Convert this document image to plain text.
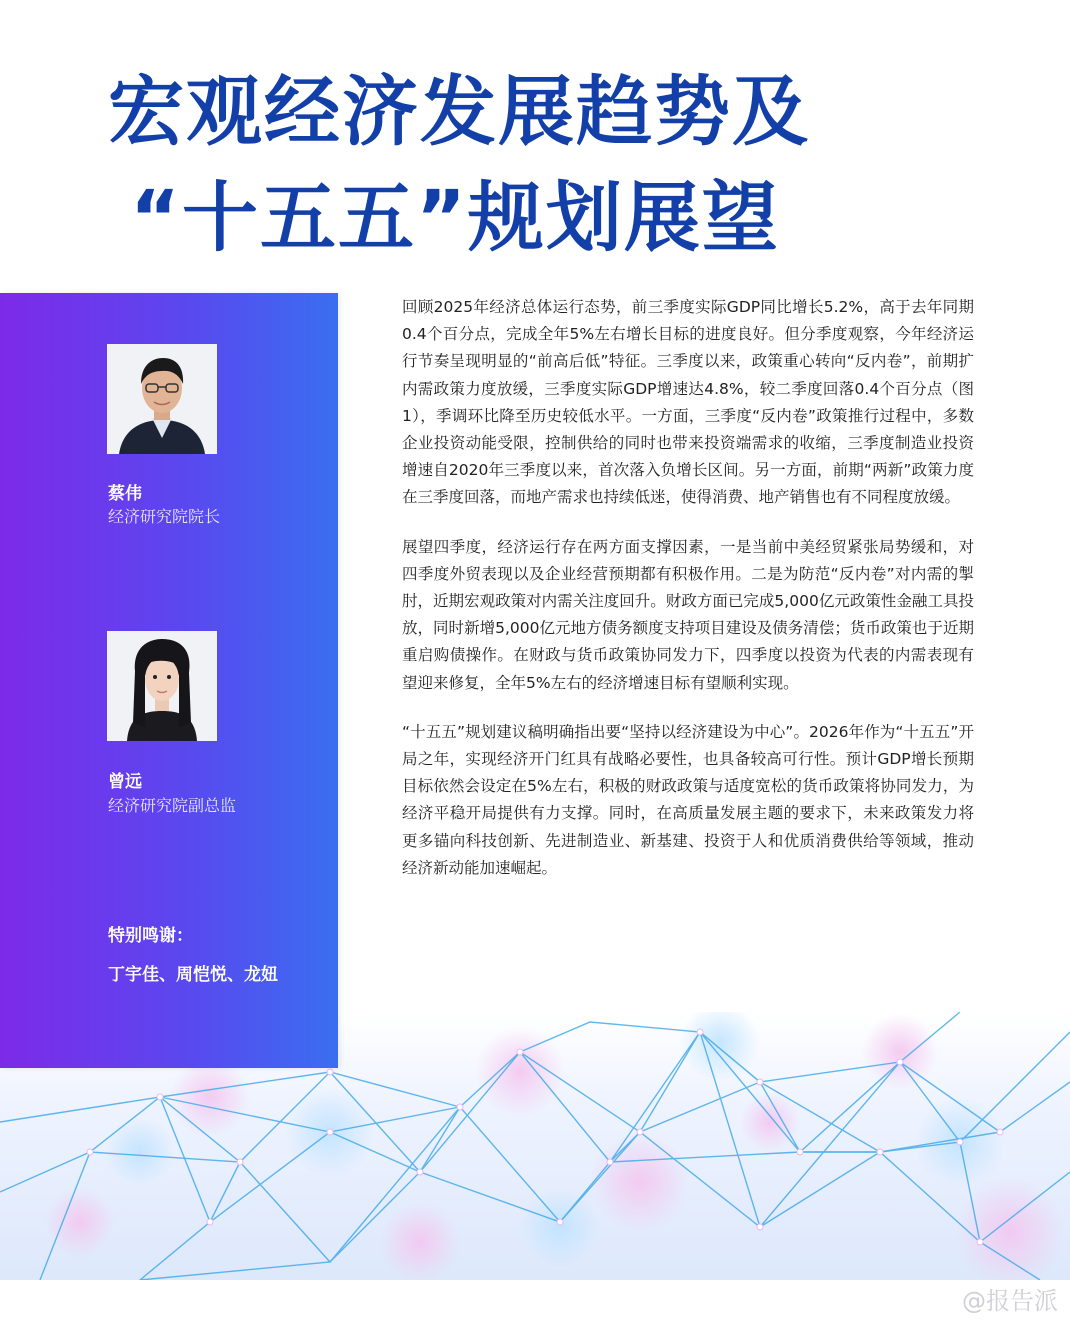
宏观经济发展趋势及
“十五五”规划展望
蔡伟
经济研究院院长
曾远
经济研究院副总监
特别鸣谢：
丁宇佳、周恺悦、龙妞

回顾2025年经济总体运行态势，前三季度实际GDP同比增长5.2%，高于去年同期0.4个百分点，完成全年5%左右增长目标的进度良好。但分季度观察，今年经济运行节奏呈现明显的“前高后低”特征。三季度以来，政策重心转向“反内卷”，前期扩内需政策力度放缓，三季度实际GDP增速达4.8%，较二季度回落0.4个百分点（图1），季调环比降至历史较低水平。一方面，三季度“反内卷”政策推行过程中，多数企业投资动能受限，控制供给的同时也带来投资端需求的收缩，三季度制造业投资增速自2020年三季度以来，首次落入负增长区间。另一方面，前期“两新”政策力度在三季度回落，而地产需求也持续低迷，使得消费、地产销售也有不同程度放缓。

展望四季度，经济运行存在两方面支撑因素，一是当前中美经贸紧张局势缓和，对四季度外贸表现以及企业经营预期都有积极作用。二是为防范“反内卷”对内需的掣肘，近期宏观政策对内需关注度回升。财政方面已完成5,000亿元政策性金融工具投放，同时新增5,000亿元地方债务额度支持项目建设及债务清偿；货币政策也于近期重启购债操作。在财政与货币政策协同发力下，四季度以投资为代表的内需表现有望迎来修复，全年5%左右的经济增速目标有望顺利实现。

“十五五”规划建议稿明确指出要“坚持以经济建设为中心”。2026年作为“十五五”开局之年，实现经济开门红具有战略必要性，也具备较高可行性。预计GDP增长预期目标依然会设定在5%左右，积极的财政政策与适度宽松的货币政策将协同发力，为经济平稳开局提供有力支撑。同时，在高质量发展主题的要求下，未来政策发力将更多锚向科技创新、先进制造业、新基建、投资于人和优质消费供给等领域，推动经济新动能加速崛起。

@报告派
